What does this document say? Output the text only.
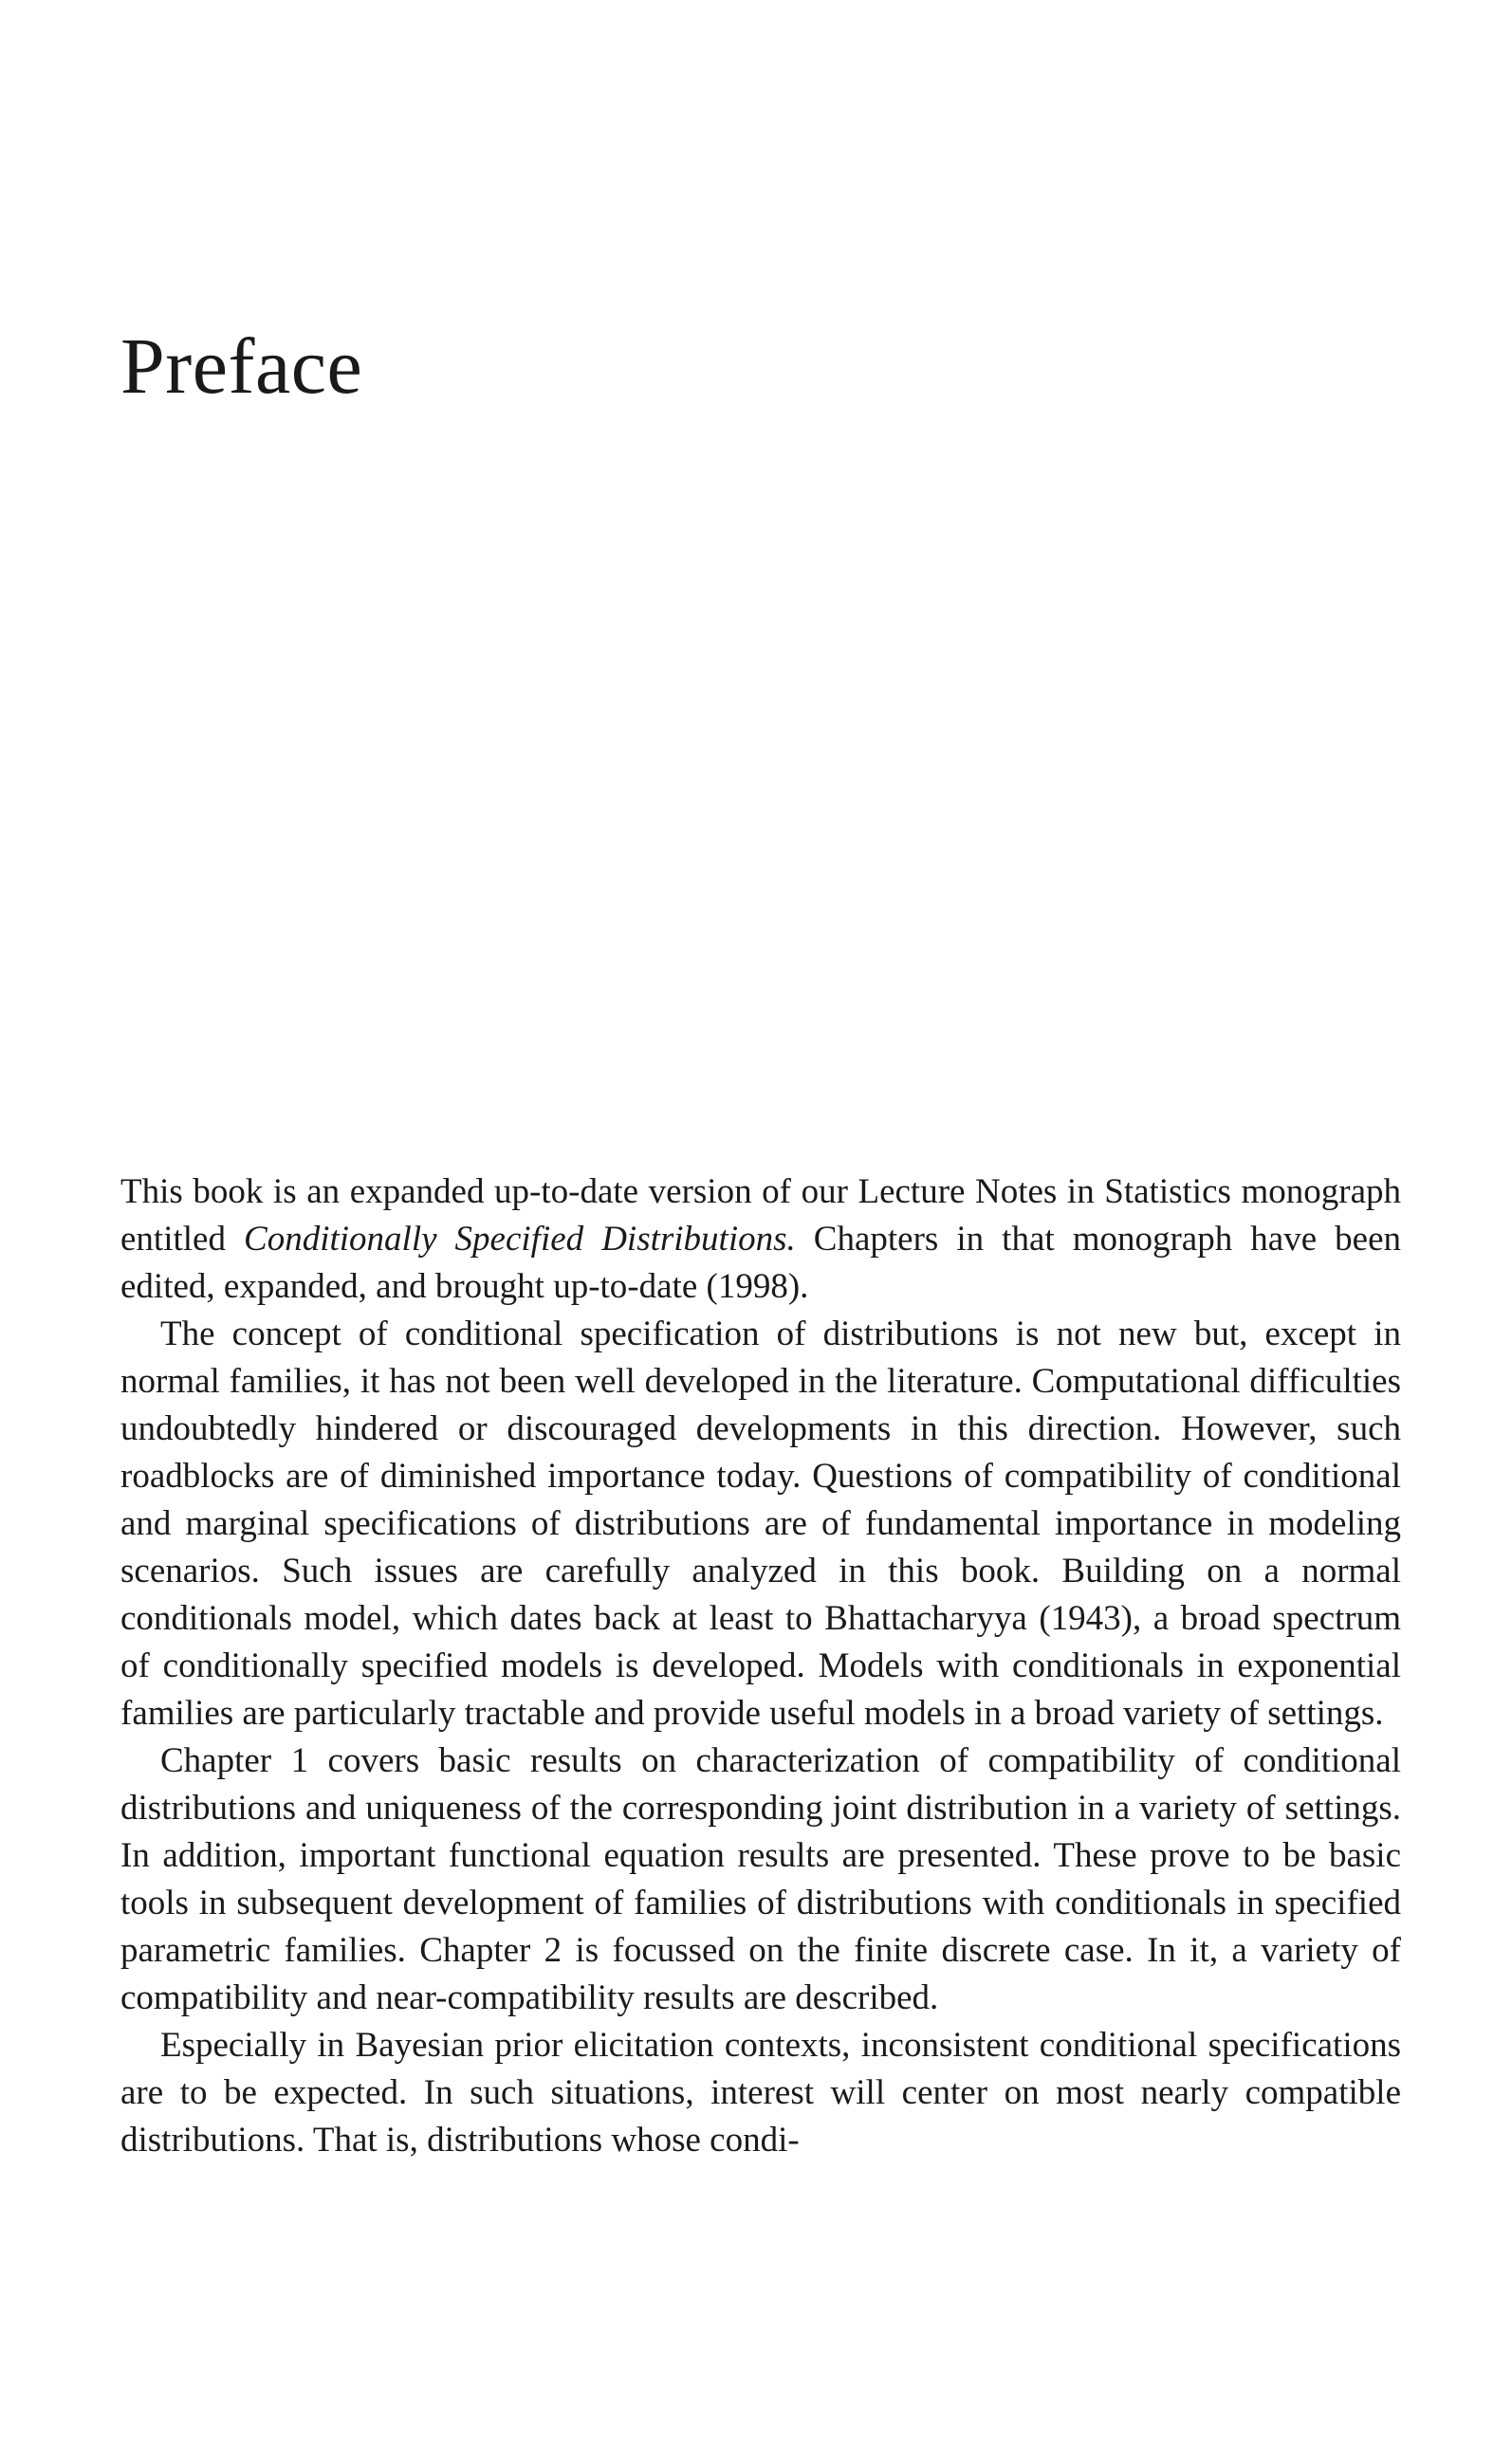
Preface

This book is an expanded up-to-date version of our Lecture Notes in Statistics monograph entitled Conditionally Specified Distributions. Chapters in that monograph have been edited, expanded, and brought up-to-date (1998).

The concept of conditional specification of distributions is not new but, except in normal families, it has not been well developed in the literature. Computational difficulties undoubtedly hindered or discouraged developments in this direction. However, such roadblocks are of diminished importance today. Questions of compatibility of conditional and marginal specifications of distributions are of fundamental importance in modeling scenarios. Such issues are carefully analyzed in this book. Building on a normal conditionals model, which dates back at least to Bhattacharyya (1943), a broad spectrum of conditionally specified models is developed. Models with conditionals in exponential families are particularly tractable and provide useful models in a broad variety of settings.

Chapter 1 covers basic results on characterization of compatibility of conditional distributions and uniqueness of the corresponding joint distribution in a variety of settings. In addition, important functional equation results are presented. These prove to be basic tools in subsequent development of families of distributions with conditionals in specified parametric families. Chapter 2 is focussed on the finite discrete case. In it, a variety of compatibility and near-compatibility results are described.

Especially in Bayesian prior elicitation contexts, inconsistent conditional specifications are to be expected. In such situations, interest will center on most nearly compatible distributions. That is, distributions whose condi-
